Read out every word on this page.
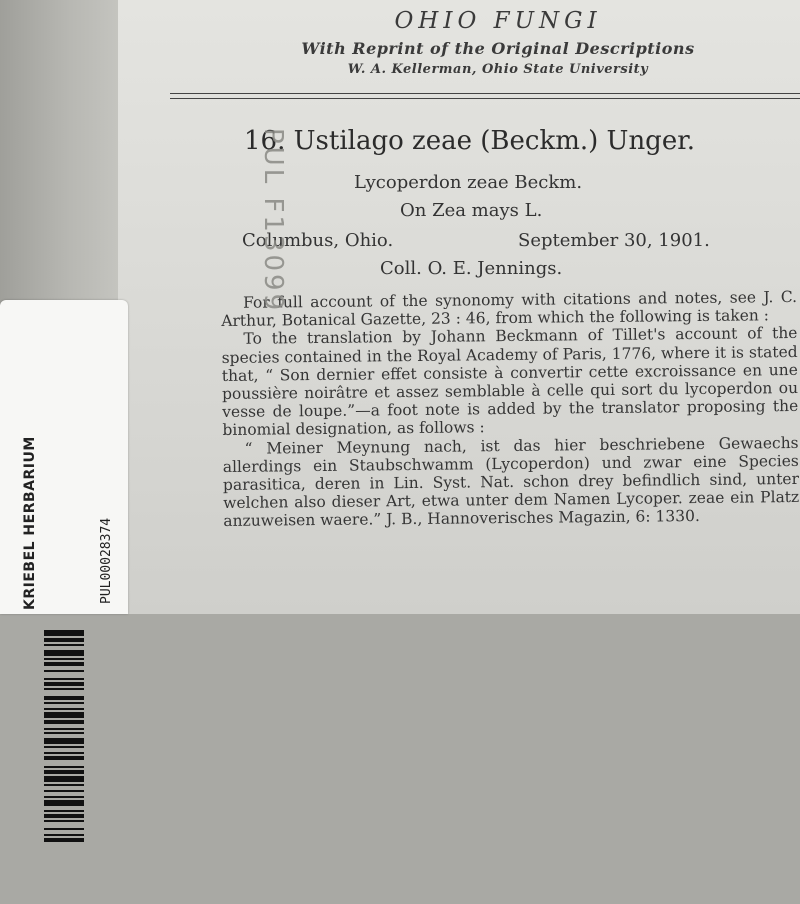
OHIO FUNGI
With Reprint of the Original Descriptions
W. A. Kellerman, Ohio State University
16. Ustilago zeae (Beckm.) Unger.
Lycoperdon zeae Beckm.
On Zea mays L.
Columbus, Ohio.	September 30, 1901.
Coll. O. E. Jennings.

For full account of the synonomy with citations and notes, see J. C. Arthur, Botanical Gazette, 23 : 46, from which the following is taken :

To the translation by Johann Beckmann of Tillet's account of the species contained in the Royal Academy of Paris, 1776, where it is stated that, “ Son dernier effet consiste à convertir cette excroissance en une poussière noirâtre et assez semblable à celle qui sort du lycoperdon ou vesse de loupe.”—a foot note is added by the translator proposing the binomial designation, as follows :

“ Meiner Meynung nach, ist das hier beschriebene Gewaechs allerdings ein Staubschwamm (Lycoperdon) und zwar eine Species parasitica, deren in Lin. Syst. Nat. schon drey befindlich sind, unter welchen also dieser Art, etwa unter dem Namen Lycoper. zeae ein Platz anzuweisen waere.” J. B., Hannoverisches Magazin, 6: 1330.

PUL F13099
KRIEBEL HERBARIUM	PUL00028374
